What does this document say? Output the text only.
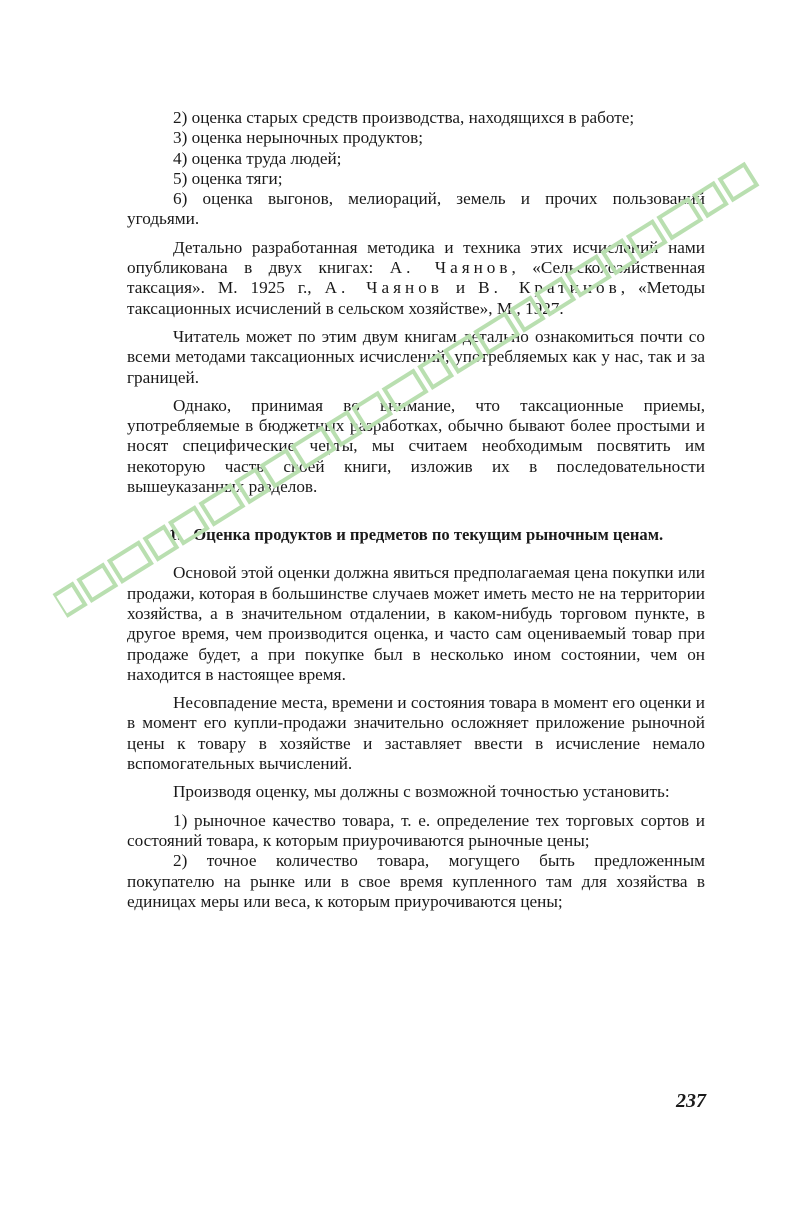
2) оценка старых средств производства, находящихся в работе;

3) оценка нерыночных продуктов;

4) оценка труда людей;

5) оценка тяги;

6) оценка выгонов, мелиораций, земель и прочих пользований угодьями.

Детально разработанная методика и техника этих исчислений нами опубликована в двух книгах: А. Чаянов, «Сельскохозяйственная таксация». М. 1925 г., А. Чаянов и В. Кратинов, «Методы таксационных исчислений в сельском хозяйстве», М., 1927.

Читатель может по этим двум книгам детально ознакомиться почти со всеми методами таксационных исчислений, употребляемых как у нас, так и за границей.

Однако, принимая во внимание, что таксационные приемы, употребляемые в бюджетных разработках, обычно бывают более простыми и носят специфические черты, мы считаем необходимым посвятить им некоторую часть своей книги, изложив их в последовательности вышеуказанных разделов.

1. Оценка продуктов и предметов по текущим рыночным ценам.

Основой этой оценки должна явиться предполагаемая цена покупки или продажи, которая в большинстве случаев может иметь место не на территории хозяйства, а в значительном отдалении, в каком-нибудь торговом пункте, в другое время, чем производится оценка, и часто сам оцениваемый товар при продаже будет, а при покупке был в несколько ином состоянии, чем он находится в настоящее время.

Несовпадение места, времени и состояния товара в момент его оценки и в момент его купли-продажи значительно осложняет приложение рыночной цены к товару в хозяйстве и заставляет ввести в исчисление немало вспомогательных вычислений.

Производя оценку, мы должны с возможной точностью установить:

1) рыночное качество товара, т. е. определение тех торговых сортов и состояний товара, к которым приурочиваются рыночные цены;

2) точное количество товара, могущего быть предложенным покупателю на рынке или в свое время купленного там для хозяйства в единицах меры или веса, к которым приурочиваются цены;

237
